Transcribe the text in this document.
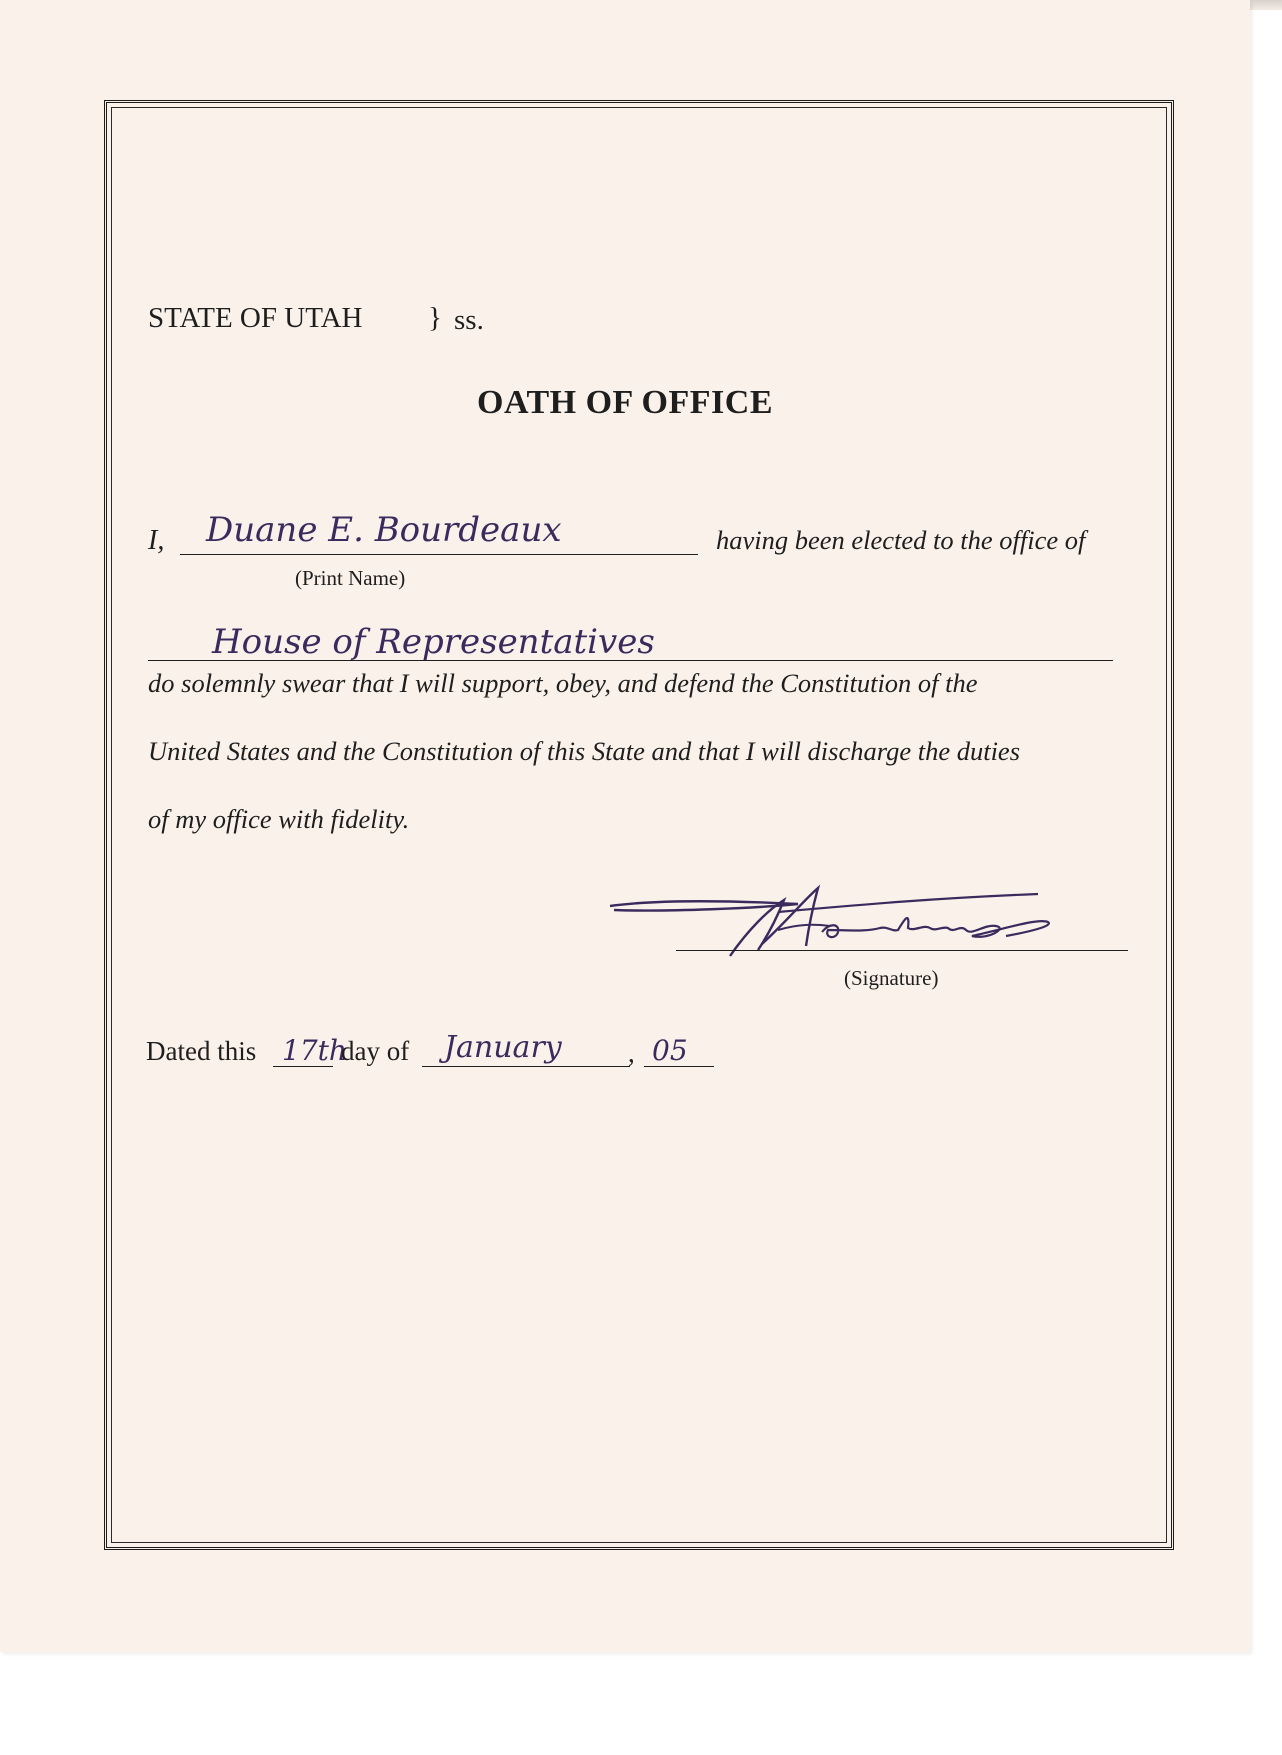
STATE OF UTAH } ss.
OATH OF OFFICE
I, Duane E. Bourdeaux
(Print Name)
having been elected to the office of
House of Representatives
do solemnly swear that I will support, obey, and defend the Constitution of the
United States and the Constitution of this State and that I will discharge the duties
of my office with fidelity.
(Signature)
Dated this 17th
day of January , 05
